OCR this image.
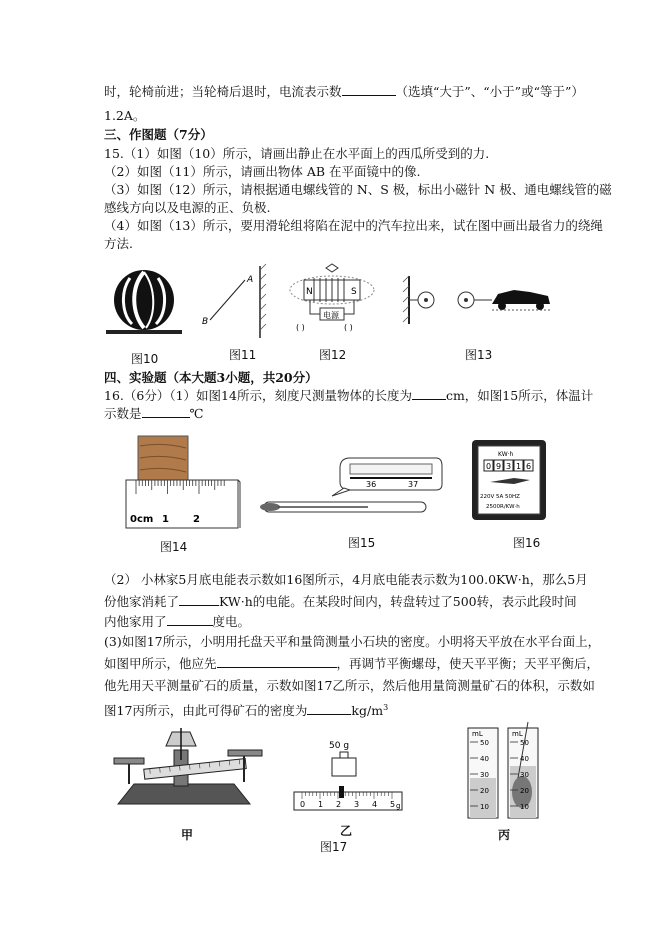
时，轮椅前进；当轮椅后退时，电流表示数	（选填“大于”、“小于”或“等于”）
1.2A。
三、作图题（7分）
15.（1）如图（10）所示，请画出静止在水平面上的西瓜所受到的力.
（2）如图（11）所示，请画出物体 AB 在平面镜中的像.
（3）如图（12）所示，请根据通电螺线管的 N、S 极，标出小磁针 N 极、通电螺线管的磁
感线方向以及电源的正、负极.
（4）如图（13）所示，要用滑轮组将陷在泥中的汽车拉出来，试在图中画出最省力的绕绳
方法.
A
B
N	S
电源
( )	( )
图10	图11	图12	图13
四、实验题（本大题3小题，共20分）
16.（6分）（1）如图14所示，刻度尺测量物体的长度为	cm，如图15所示，体温计
示数是	℃
0cm 1 2
36	37
KW·h
0 9 3 1 6
220V 5A 50HZ
2500R/KW·h
图14	图15	图16
（2） 小林家5月底电能表示数如16图所示，4月底电能表示数为100.0KW·h，那么5月
份他家消耗了	KW·h的电能。在某段时间内，转盘转过了500转，表示此段时间
内他家用了	度电。
(3)如图17所示，小明用托盘天平和量筒测量小石块的密度。小明将天平放在水平台面上，
如图甲所示，他应先	，再调节平衡螺母，使天平平衡；天平平衡后，
他先用天平测量矿石的质量，示数如图17乙所示，然后他用量筒测量矿石的体积，示数如
图17丙所示，由此可得矿石的密度为	$kg/m^3$
50 g
0 1 2 3 4 5 g
mL
50
40
30
20
10
mL
50
40
30
20
10
甲	乙
图17
丙
